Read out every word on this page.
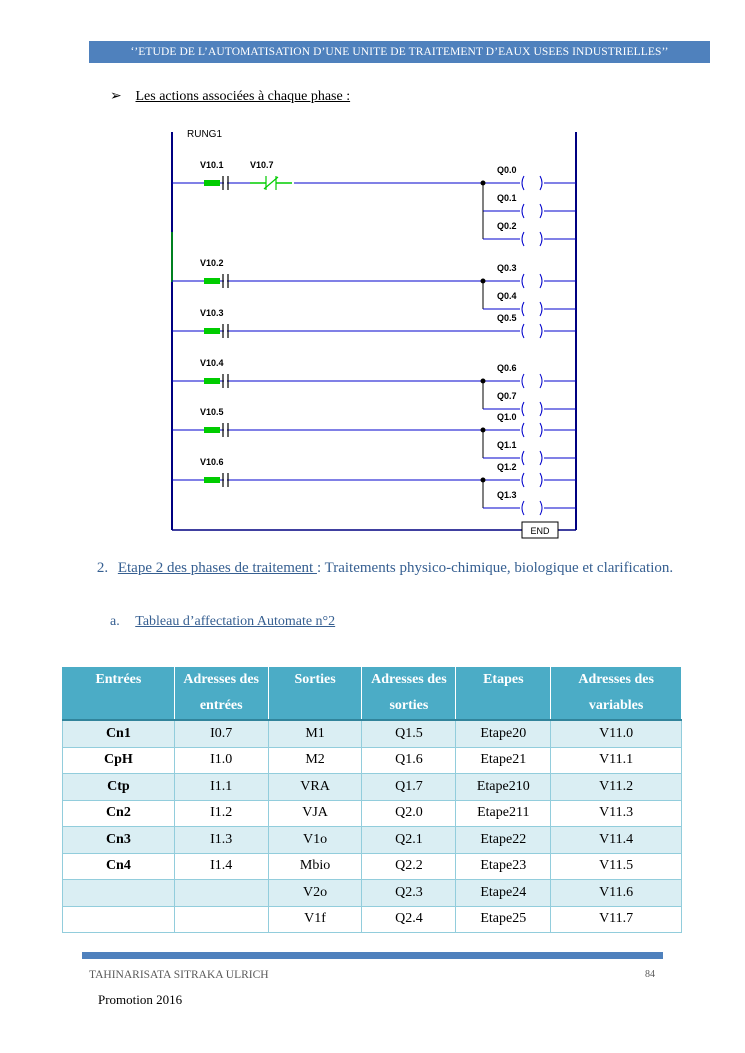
‘’ETUDE DE L’AUTOMATISATION D’UNE UNITE DE TRAITEMENT D’EAUX USEES INDUSTRIELLES’’
➢ Les actions associées à chaque phase :
RUNG1
V10.1	V10.7	Q0.0
Q0.1
Q0.2
V10.2	Q0.3
Q0.4
V10.3	Q0.5
V10.4	Q0.6
Q0.7
V10.5	Q1.0
Q1.1
V10.6	Q1.2
Q1.3
END
2. Etape 2 des phases de traitement : Traitements physico-chimique, biologique et clarification.
a. Tableau d’affectation Automate n°2
Entrées	Adresses des entrées	Sorties	Adresses des sorties	Etapes	Adresses des variables
Cn1	I0.7	M1	Q1.5	Etape20	V11.0
CpH	I1.0	M2	Q1.6	Etape21	V11.1
Ctp	I1.1	VRA	Q1.7	Etape210	V11.2
Cn2	I1.2	VJA	Q2.0	Etape211	V11.3
Cn3	I1.3	V1o	Q2.1	Etape22	V11.4
Cn4	I1.4	Mbio	Q2.2	Etape23	V11.5
		V2o	Q2.3	Etape24	V11.6
		V1f	Q2.4	Etape25	V11.7
TAHINARISATA SITRAKA ULRICH	84
Promotion 2016
